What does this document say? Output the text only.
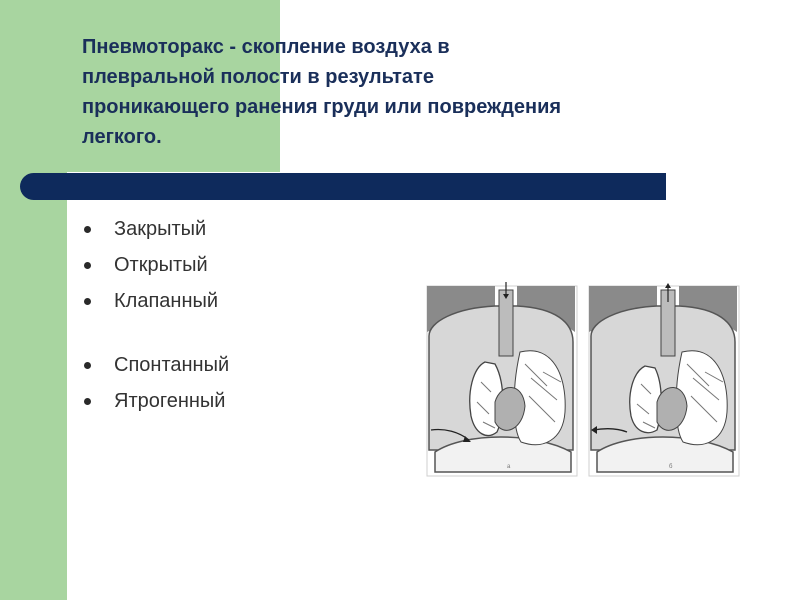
Пневмоторакс - скопление воздуха в
плевральной полости в результате
проникающего ранения груди или повреждения
легкого.
Закрытый
Открытый
Клапанный
Спонтанный
Ятрогенный
а	б
